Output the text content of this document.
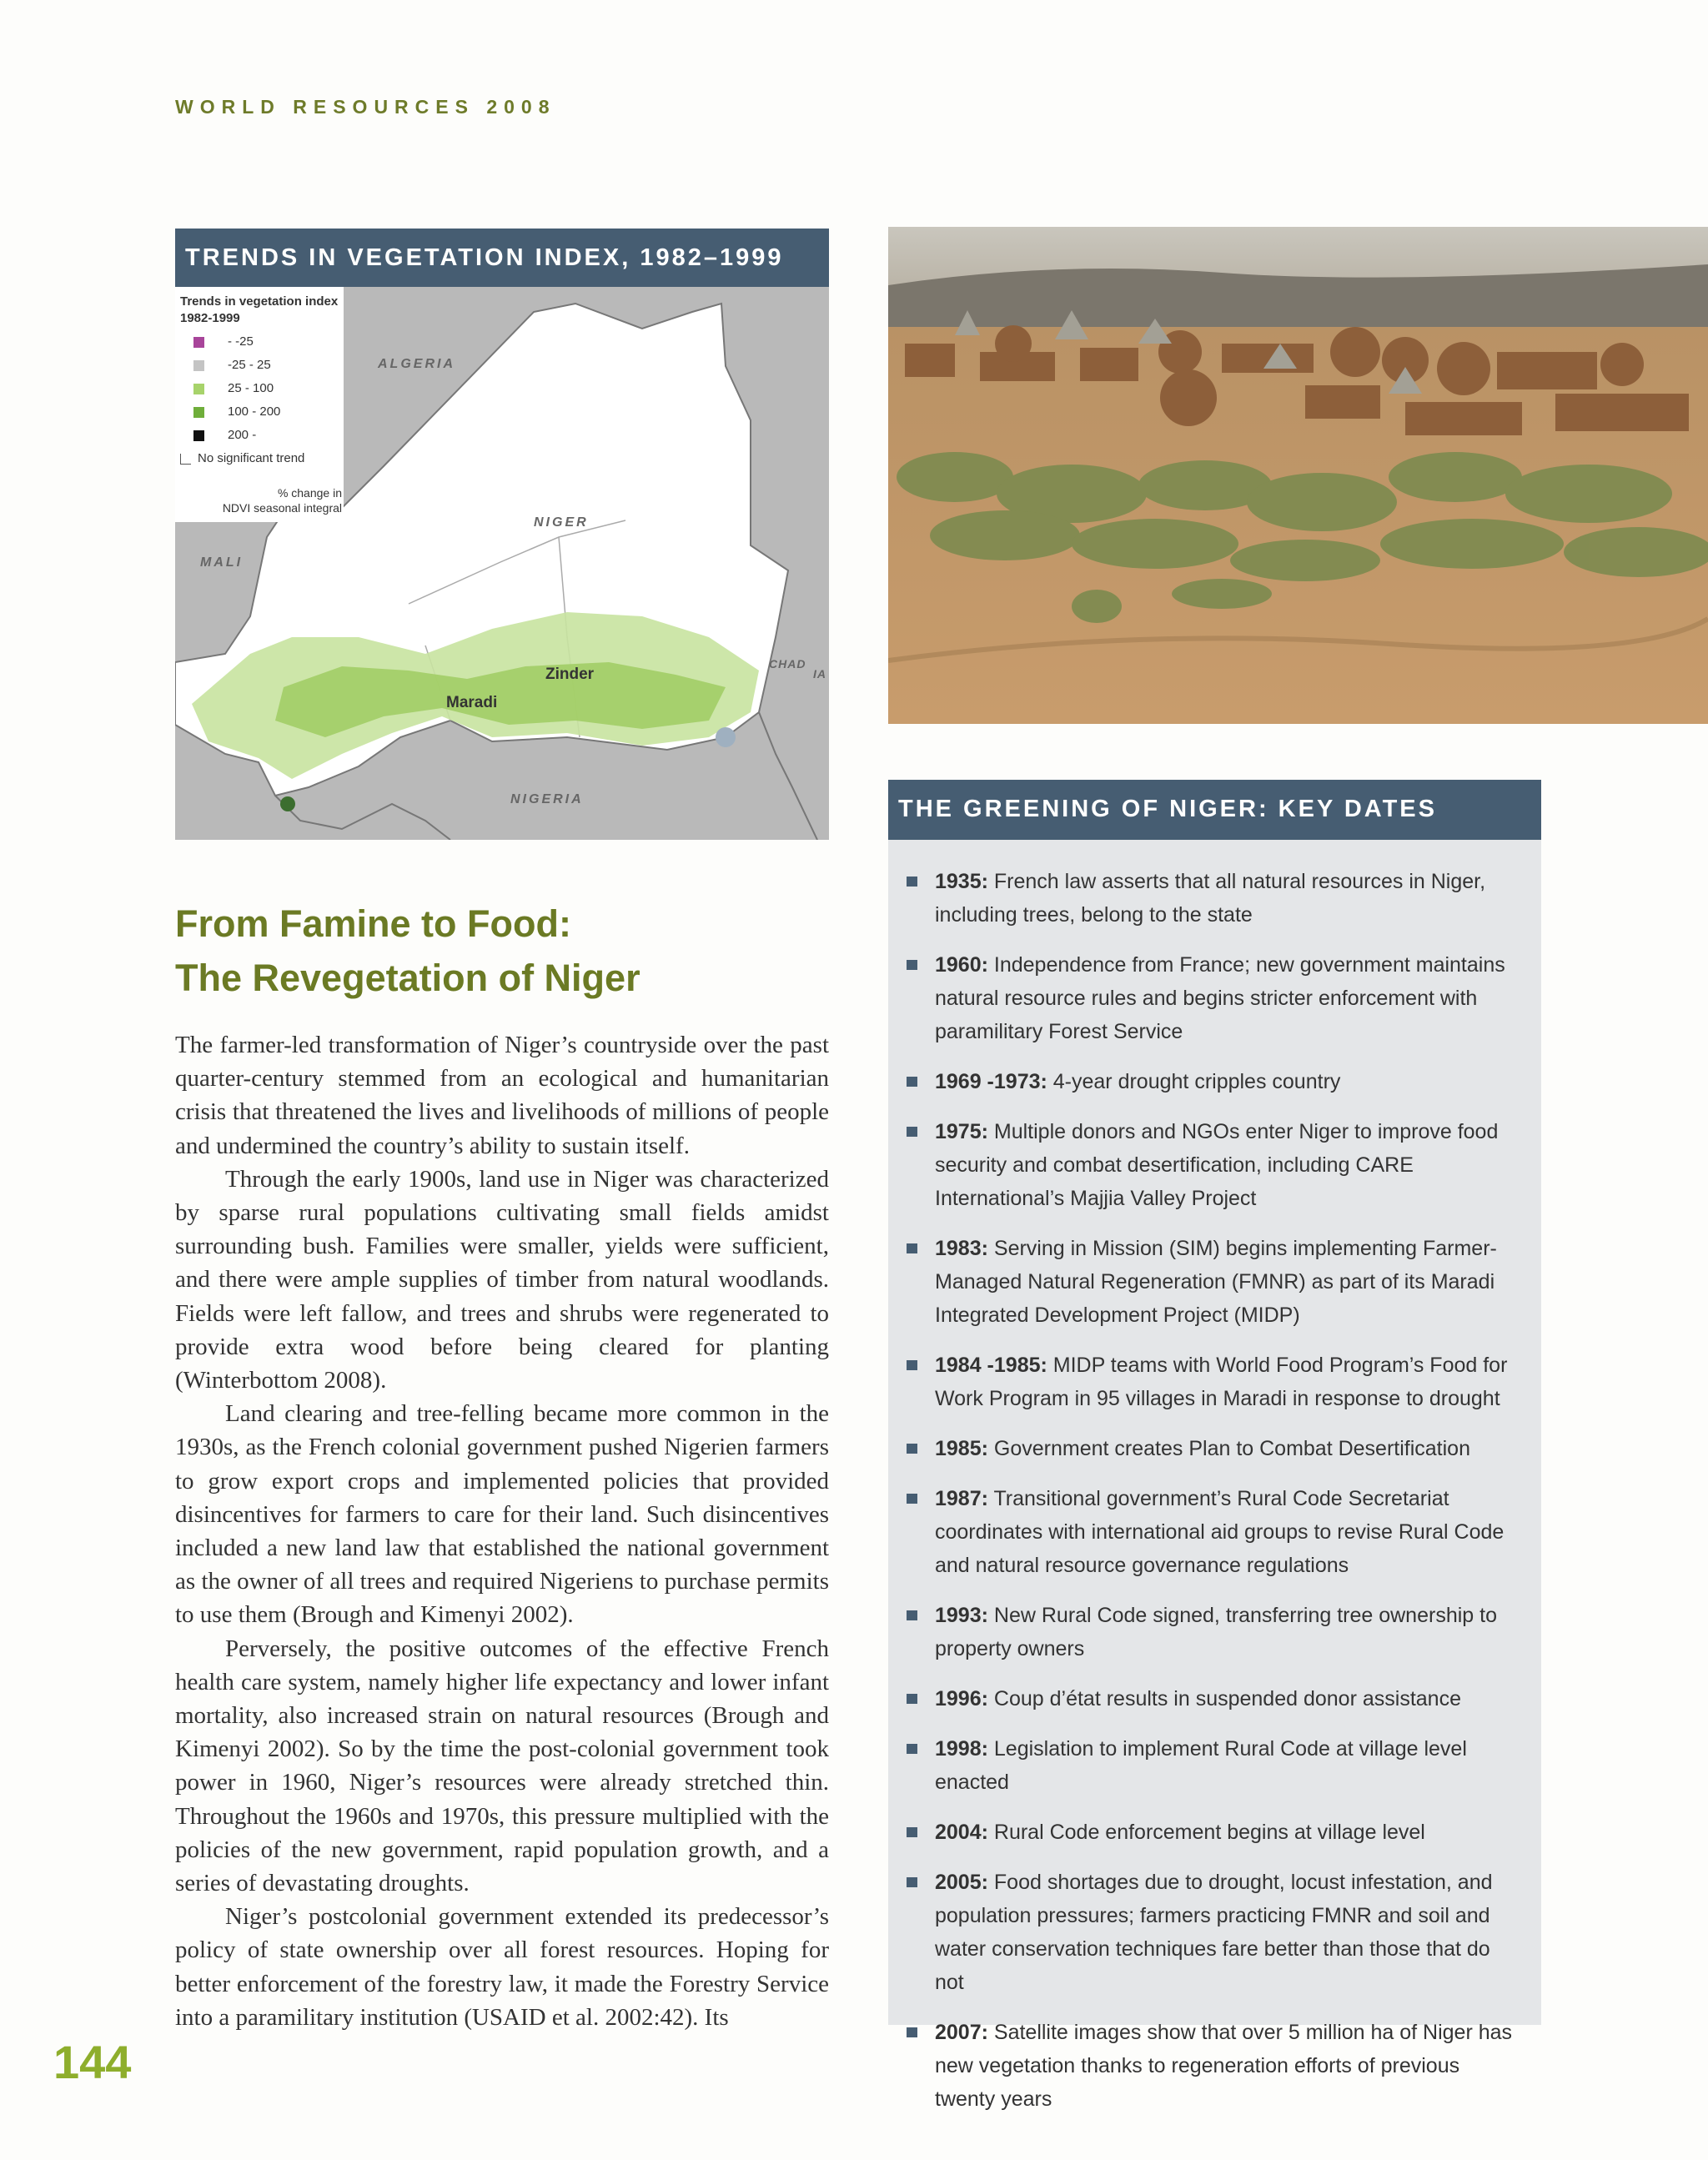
WORLD RESOURCES 2008
TRENDS IN VEGETATION INDEX, 1982–1999
Trends in vegetation index
1982-1999
- -25
-25 - 25
25 - 100
100 - 200
200 -
No significant trend
% change in
NDVI seasonal integral
ALGERIA
MALI
NIGER
CHAD
IA
NIGERIA
Zinder
Maradi
From Famine to Food:
The Revegetation of Niger

The farmer-led transformation of Niger’s countryside over the past quarter-century stemmed from an ecological and humanitarian crisis that threatened the lives and livelihoods of millions of people and undermined the country’s ability to sustain itself.

Through the early 1900s, land use in Niger was characterized by sparse rural populations cultivating small fields amidst surrounding bush. Families were smaller, yields were sufficient, and there were ample supplies of timber from natural woodlands. Fields were left fallow, and trees and shrubs were regenerated to provide extra wood before being cleared for planting (Winterbottom 2008).

Land clearing and tree-felling became more common in the 1930s, as the French colonial government pushed Nigerien farmers to grow export crops and implemented policies that provided disincentives for farmers to care for their land. Such disincentives included a new land law that established the national government as the owner of all trees and required Nigeriens to purchase permits to use them (Brough and Kimenyi 2002).

Perversely, the positive outcomes of the effective French health care system, namely higher life expectancy and lower infant mortality, also increased strain on natural resources (Brough and Kimenyi 2002). So by the time the post-colonial government took power in 1960, Niger’s resources were already stretched thin. Throughout the 1960s and 1970s, this pressure multiplied with the policies of the new government, rapid population growth, and a series of devastating droughts.

Niger’s postcolonial government extended its predecessor’s policy of state ownership over all forest resources. Hoping for better enforcement of the forestry law, it made the Forestry Service into a paramilitary institution (USAID et al. 2002:42). Its

144
THE GREENING OF NIGER: KEY DATES
1935: French law asserts that all natural resources in Niger, including trees, belong to the state
1960: Independence from France; new government maintains natural resource rules and begins stricter enforcement with paramilitary Forest Service
1969 -1973: 4-year drought cripples country
1975: Multiple donors and NGOs enter Niger to improve food security and combat desertification, including CARE International’s Majjia Valley Project
1983: Serving in Mission (SIM) begins implementing Farmer-Managed Natural Regeneration (FMNR) as part of its Maradi Integrated Development Project (MIDP)
1984 -1985: MIDP teams with World Food Program’s Food for Work Program in 95 villages in Maradi in response to drought
1985: Government creates Plan to Combat Desertification
1987: Transitional government’s Rural Code Secretariat coordinates with international aid groups to revise Rural Code and natural resource governance regulations
1993: New Rural Code signed, transferring tree ownership to property owners
1996: Coup d’état results in suspended donor assistance
1998: Legislation to implement Rural Code at village level enacted
2004: Rural Code enforcement begins at village level
2005: Food shortages due to drought, locust infestation, and population pressures; farmers practicing FMNR and soil and water conservation techniques fare better than those that do not
2007: Satellite images show that over 5 million ha of Niger has new vegetation thanks to regeneration efforts of previous twenty years
